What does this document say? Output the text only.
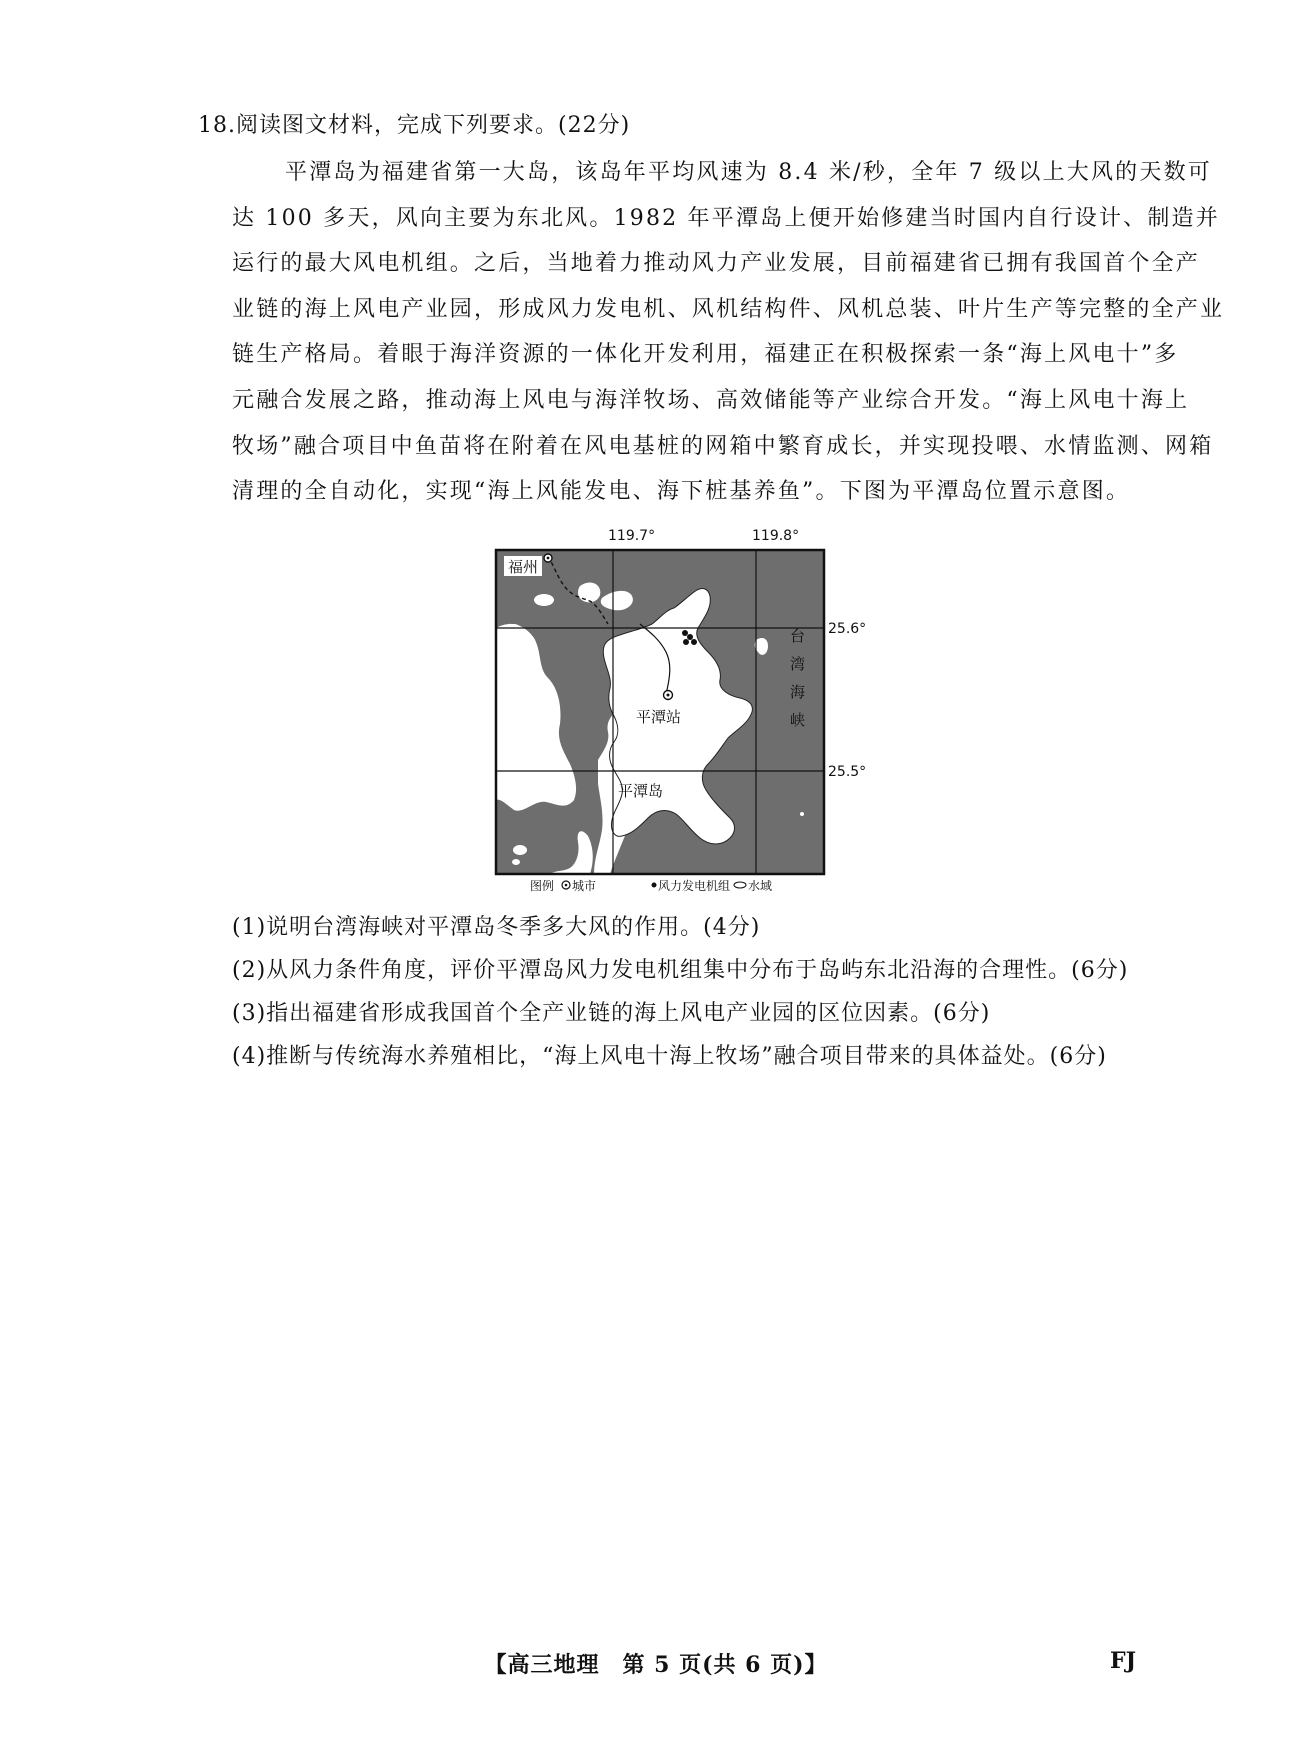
18.阅读图文材料，完成下列要求。(22分)
平潭岛为福建省第一大岛，该岛年平均风速为 8.4 米/秒，全年 7 级以上大风的天数可
达 100 多天，风向主要为东北风。1982 年平潭岛上便开始修建当时国内自行设计、制造并
运行的最大风电机组。之后，当地着力推动风力产业发展，目前福建省已拥有我国首个全产
业链的海上风电产业园，形成风力发电机、风机结构件、风机总装、叶片生产等完整的全产业
链生产格局。着眼于海洋资源的一体化开发利用，福建正在积极探索一条“海上风电十”多
元融合发展之路，推动海上风电与海洋牧场、高效储能等产业综合开发。“海上风电十海上
牧场”融合项目中鱼苗将在附着在风电基桩的网箱中繁育成长，并实现投喂、水情监测、网箱
清理的全自动化，实现“海上风能发电、海下桩基养鱼”。下图为平潭岛位置示意图。
119.7°	119.8°
25.6°
25.5°
福州
平潭站
平潭岛
台
湾
海
峡
图例 城市	风力发电机组 水域
(1)说明台湾海峡对平潭岛冬季多大风的作用。(4分)
(2)从风力条件角度，评价平潭岛风力发电机组集中分布于岛屿东北沿海的合理性。(6分)
(3)指出福建省形成我国首个全产业链的海上风电产业园的区位因素。(6分)
(4)推断与传统海水养殖相比，“海上风电十海上牧场”融合项目带来的具体益处。(6分)
【高三地理　第 5 页(共 6 页)】	FJ
